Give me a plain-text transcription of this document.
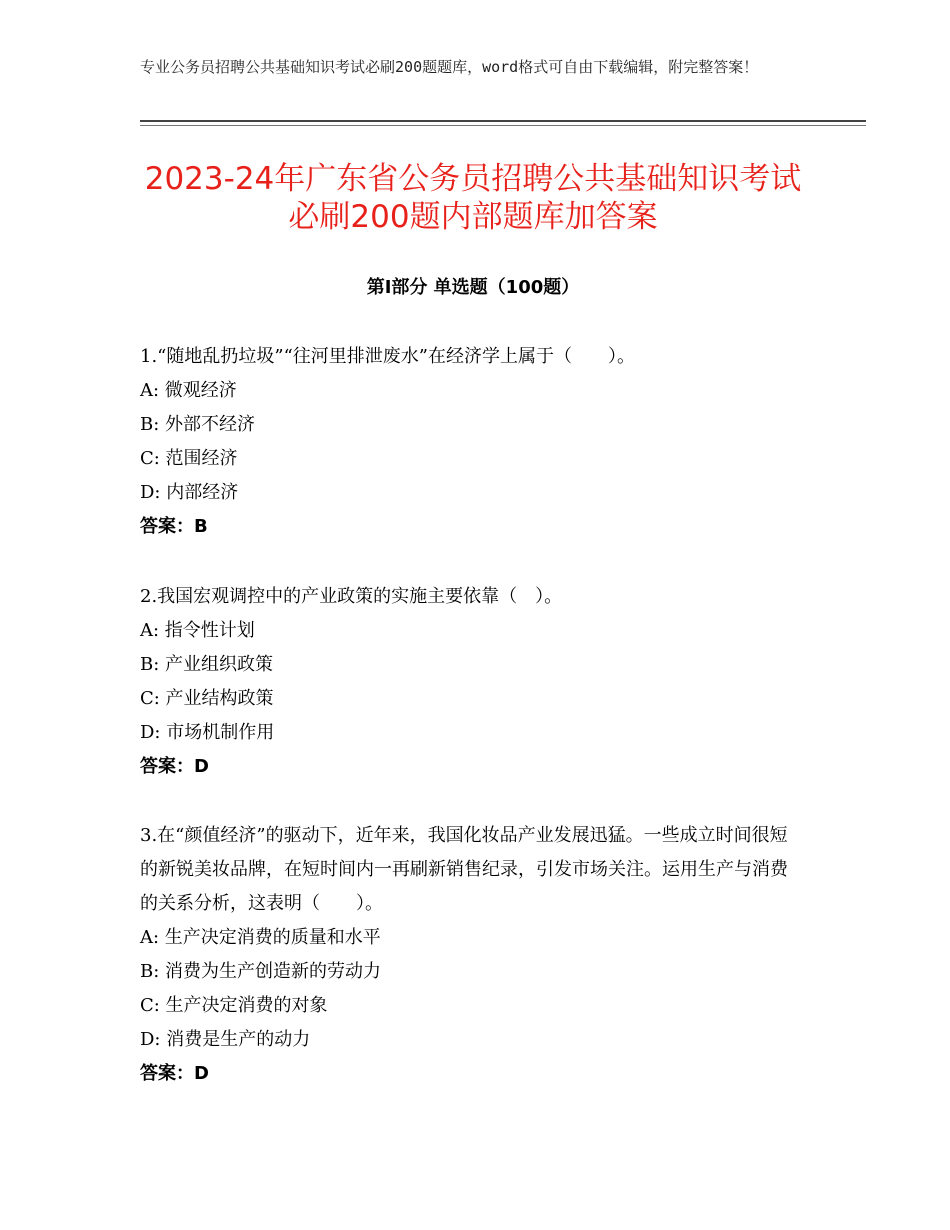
专业公务员招聘公共基础知识考试必刷200题题库，word格式可自由下载编辑，附完整答案！
2023-24年广东省公务员招聘公共基础知识考试必刷200题内部题库加答案
第Ⅰ部分 单选题（100题）
1.“随地乱扔垃圾”“往河里排泄废水”在经济学上属于（　　）。
A: 微观经济
B: 外部不经济
C: 范围经济
D: 内部经济
答案：B
2.我国宏观调控中的产业政策的实施主要依靠（　）。
A: 指令性计划
B: 产业组织政策
C: 产业结构政策
D: 市场机制作用
答案：D
3.在“颜值经济”的驱动下，近年来，我国化妆品产业发展迅猛。一些成立时间很短的新锐美妆品牌，在短时间内一再刷新销售纪录，引发市场关注。运用生产与消费的关系分析，这表明（　　）。
A: 生产决定消费的质量和水平
B: 消费为生产创造新的劳动力
C: 生产决定消费的对象
D: 消费是生产的动力
答案：D
